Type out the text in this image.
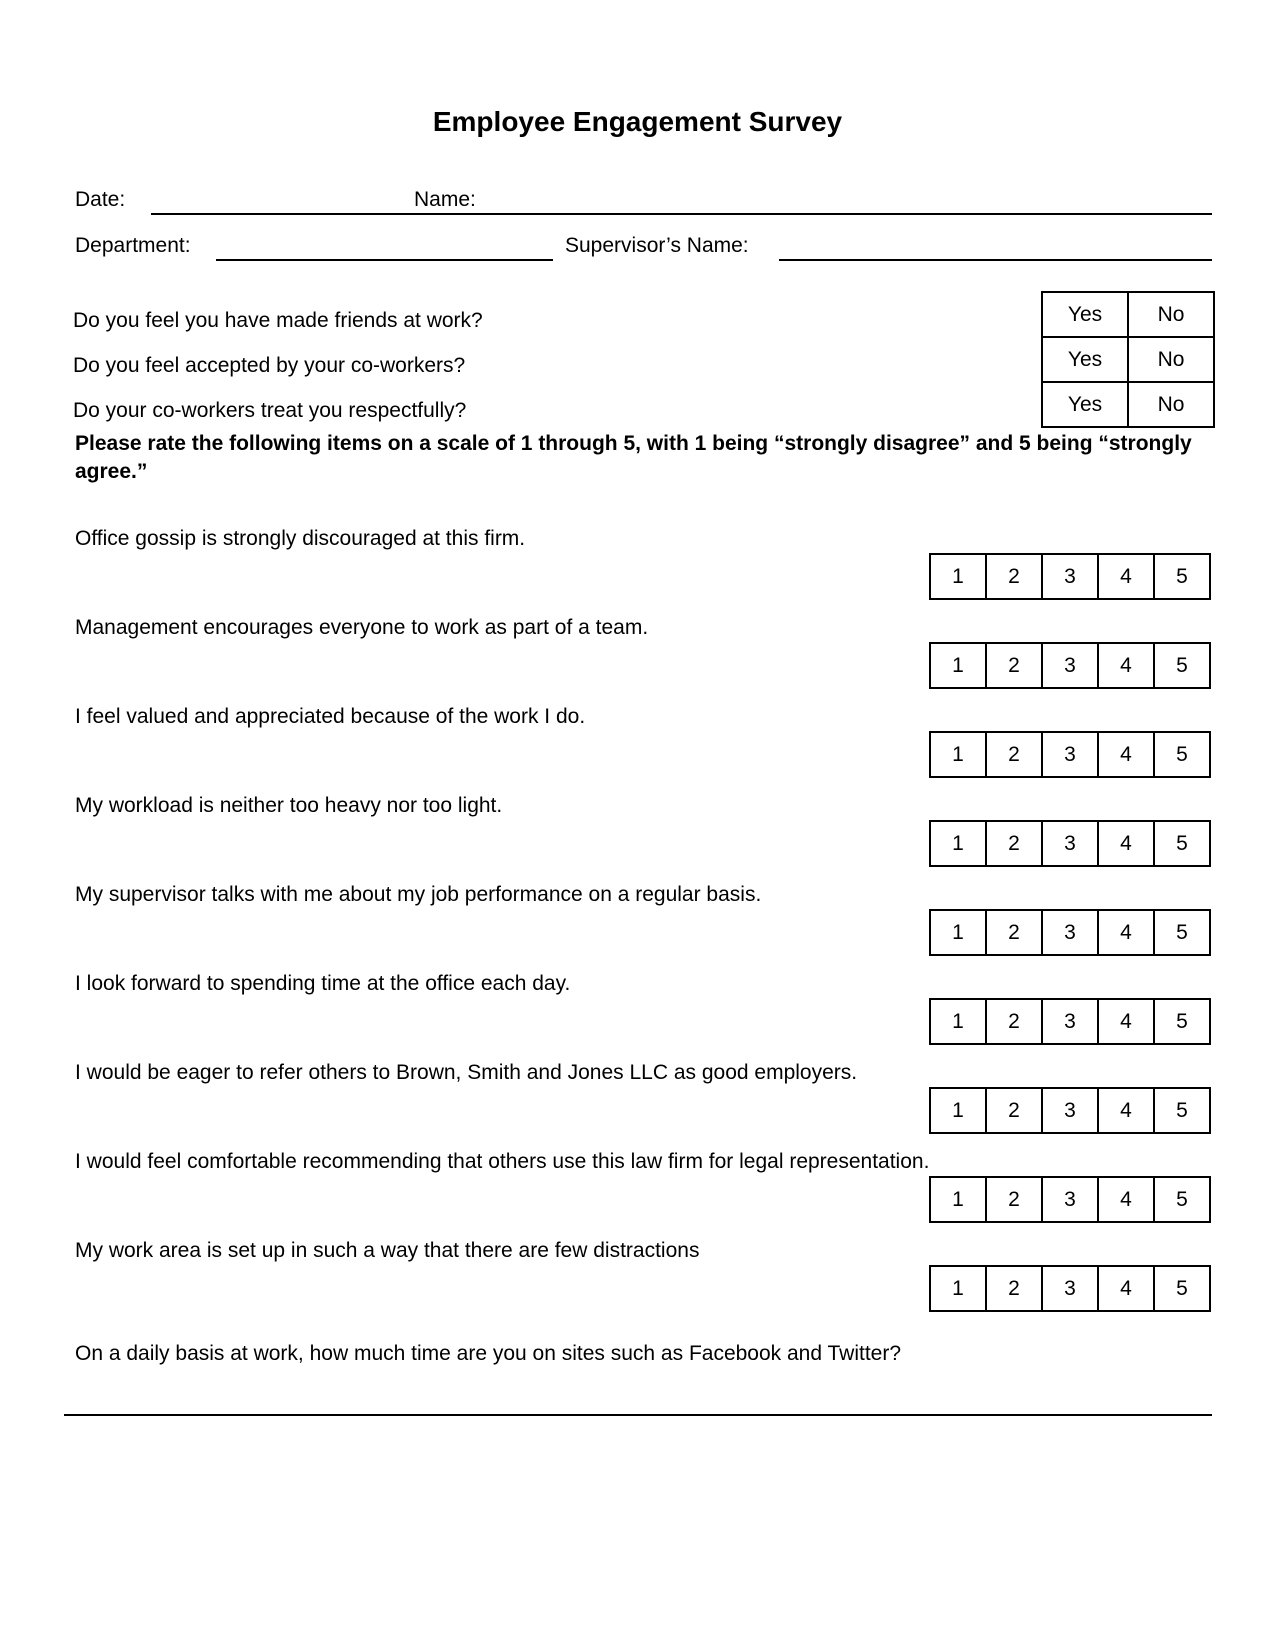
Employee Engagement Survey
Date:	Name:
Department:	Supervisor’s Name:
Do you feel you have made friends at work?
Do you feel accepted by your co-workers?
Do your co-workers treat you respectfully?
Yes	No
Yes	No
Yes	No
Please rate the following items on a scale of 1 through 5, with 1 being “strongly disagree” and 5 being “strongly agree.”
Office gossip is strongly discouraged at this firm.
1	2	3	4	5
Management encourages everyone to work as part of a team.
1	2	3	4	5
I feel valued and appreciated because of the work I do.
1	2	3	4	5
My workload is neither too heavy nor too light.
1	2	3	4	5
My supervisor talks with me about my job performance on a regular basis.
1	2	3	4	5
I look forward to spending time at the office each day.
1	2	3	4	5
I would be eager to refer others to Brown, Smith and Jones LLC as good employers.
1	2	3	4	5
I would feel comfortable recommending that others use this law firm for legal representation.
1	2	3	4	5
My work area is set up in such a way that there are few distractions
1	2	3	4	5
On a daily basis at work, how much time are you on sites such as Facebook and Twitter?
